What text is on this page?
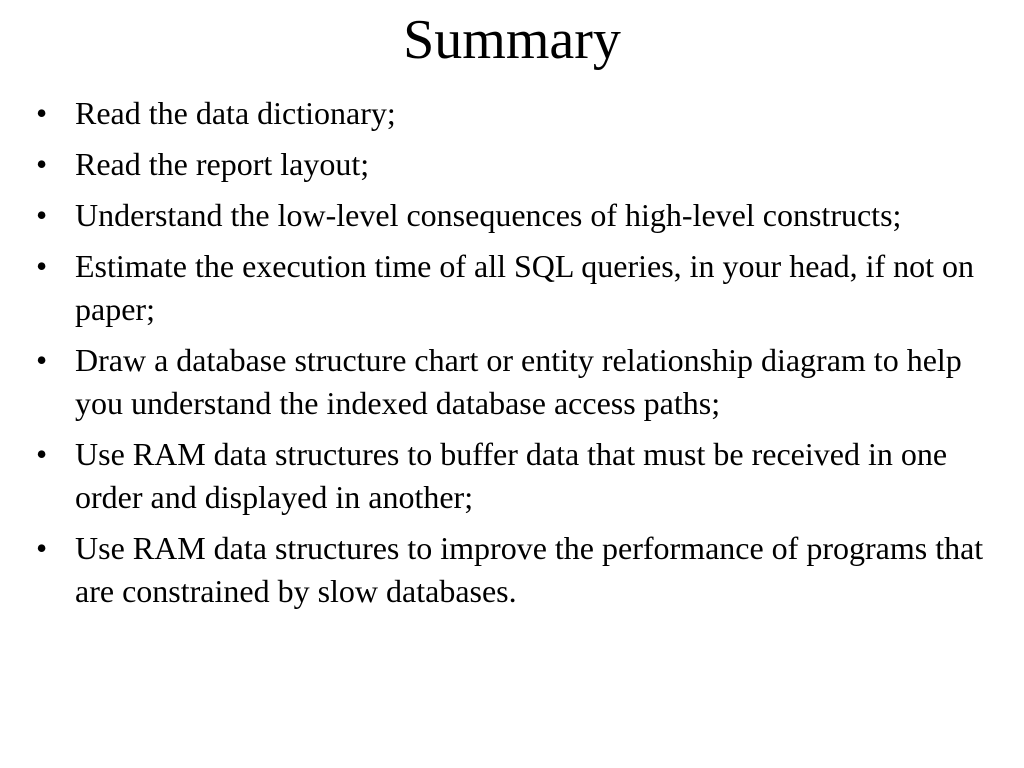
Summary
• Read the data dictionary;
• Read the report layout;
• Understand the low-level consequences of high-level constructs;
• Estimate the execution time of all SQL queries, in your head, if not on paper;
• Draw a database structure chart or entity relationship diagram to help you understand the indexed database access paths;
• Use RAM data structures to buffer data that must be received in one order and displayed in another;
• Use RAM data structures to improve the performance of programs that are constrained by slow databases.
